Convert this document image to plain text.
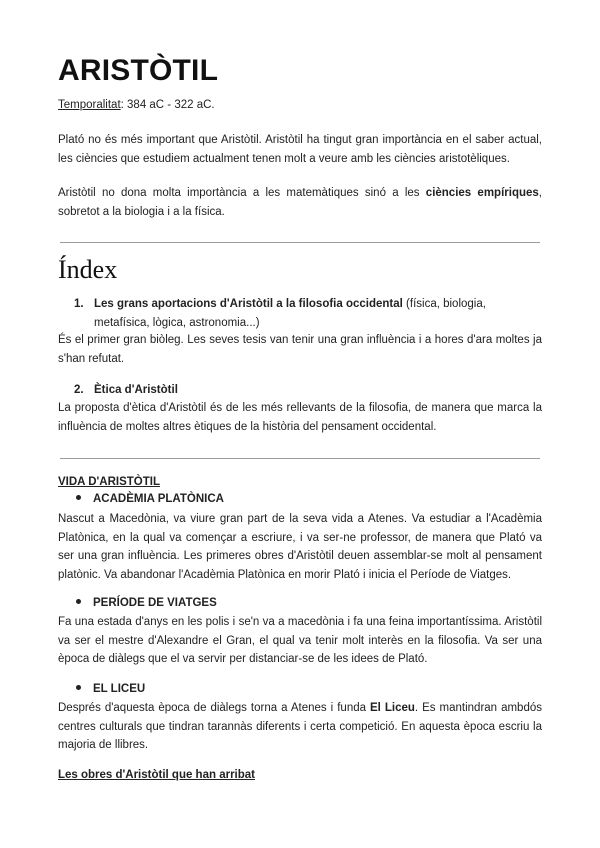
ARISTÒTIL
Temporalitat: 384 aC - 322 aC.

Plató no és més important que Aristòtil. Aristòtil ha tingut gran importància en el saber actual, les ciències que estudiem actualment tenen molt a veure amb les ciències aristotèliques.

Aristòtil no dona molta importància a les matemàtiques sinó a les ciències empíriques, sobretot a la biologia i a la física.

Índex
1. Les grans aportacions d'Aristòtil a la filosofia occidental (física, biologia, metafísica, lògica, astronomia...)

És el primer gran biòleg. Les seves tesis van tenir una gran influència i a hores d'ara moltes ja s'han refutat.

2. Ètica d'Aristòtil

La proposta d'ètica d'Aristòtil és de les més rellevants de la filosofia, de manera que marca la influència de moltes altres ètiques de la història del pensament occidental.

VIDA D'ARISTÒTIL
ACADÈMIA PLATÒNICA

Nascut a Macedònia, va viure gran part de la seva vida a Atenes. Va estudiar a l'Acadèmia Platònica, en la qual va començar a escriure, i va ser-ne professor, de manera que Plató va ser una gran influència. Les primeres obres d'Aristòtil deuen assemblar-se molt al pensament platònic. Va abandonar l'Acadèmia Platònica en morir Plató i inicia el Període de Viatges.

PERÍODE DE VIATGES

Fa una estada d'anys en les polis i se'n va a macedònia i fa una feina importantíssima. Aristòtil va ser el mestre d'Alexandre el Gran, el qual va tenir molt interès en la filosofia. Va ser una època de diàlegs que el va servir per distanciar-se de les idees de Plató.

EL LICEU

Després d'aquesta època de diàlegs torna a Atenes i funda El Liceu. Es mantindran ambdós centres culturals que tindran tarannàs diferents i certa competició. En aquesta època escriu la majoria de llibres.

Les obres d'Aristòtil que han arribat
